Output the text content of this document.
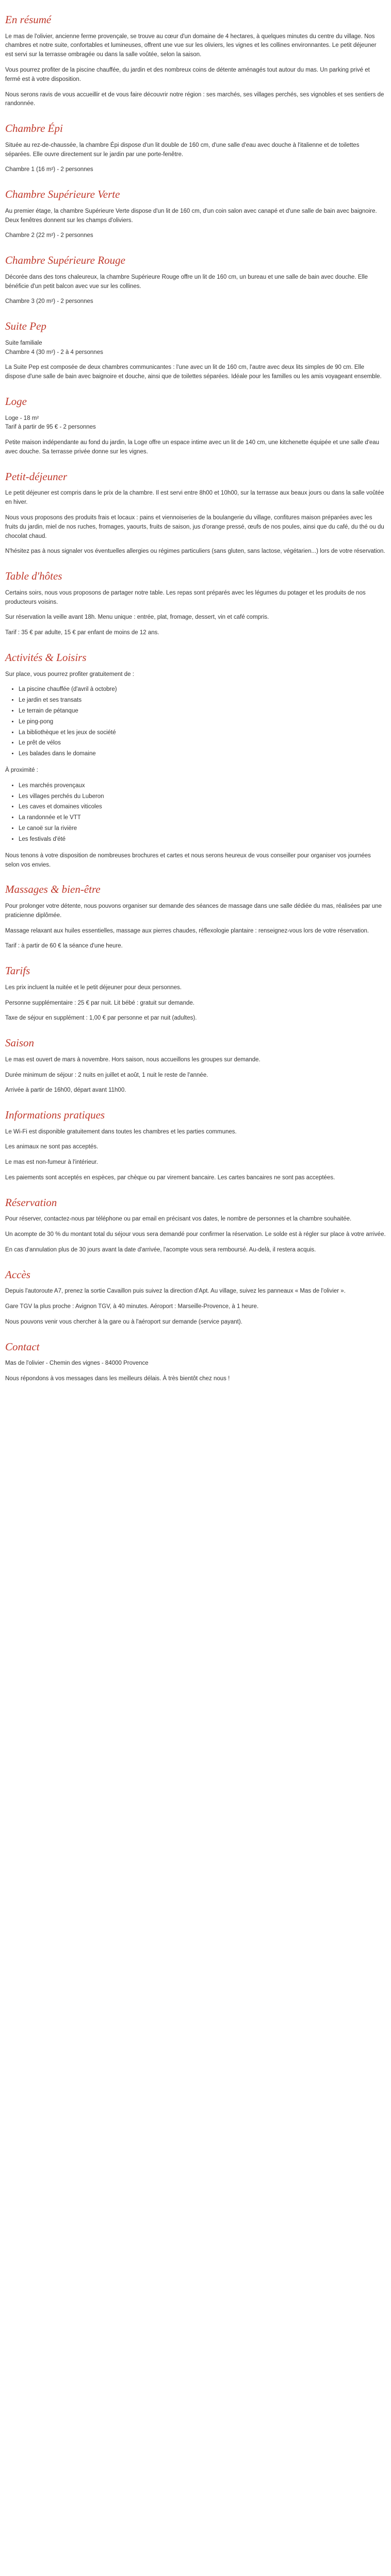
En résumé

Le mas de l'olivier, ancienne ferme provençale, se trouve au cœur d'un domaine de 4 hectares, à quelques minutes du centre du village. Nos chambres et notre suite, confortables et lumineuses, offrent une vue sur les oliviers, les vignes et les collines environnantes. Le petit déjeuner est servi sur la terrasse ombragée ou dans la salle voûtée, selon la saison.

Vous pourrez profiter de la piscine chauffée, du jardin et des nombreux coins de détente aménagés tout autour du mas. Un parking privé et fermé est à votre disposition.

Nous serons ravis de vous accueillir et de vous faire découvrir notre région : ses marchés, ses villages perchés, ses vignobles et ses sentiers de randonnée.

Chambre Épi

Située au rez-de-chaussée, la chambre Épi dispose d'un lit double de 160 cm, d'une salle d'eau avec douche à l'italienne et de toilettes séparées. Elle ouvre directement sur le jardin par une porte-fenêtre.

Chambre 1 (16 m²) - 2 personnes

Chambre Supérieure Verte

Au premier étage, la chambre Supérieure Verte dispose d'un lit de 160 cm, d'un coin salon avec canapé et d'une salle de bain avec baignoire. Deux fenêtres donnent sur les champs d'oliviers.

Chambre 2 (22 m²) - 2 personnes

Chambre Supérieure Rouge

Décorée dans des tons chaleureux, la chambre Supérieure Rouge offre un lit de 160 cm, un bureau et une salle de bain avec douche. Elle bénéficie d'un petit balcon avec vue sur les collines.

Chambre 3 (20 m²) - 2 personnes

Suite Pep

Suite familiale
Chambre 4 (30 m²) - 2 à 4 personnes

La Suite Pep est composée de deux chambres communicantes : l'une avec un lit de 160 cm, l'autre avec deux lits simples de 90 cm. Elle dispose d'une salle de bain avec baignoire et douche, ainsi que de toilettes séparées. Idéale pour les familles ou les amis voyageant ensemble.

Loge

Loge - 18 m²
Tarif à partir de 95 € - 2 personnes

Petite maison indépendante au fond du jardin, la Loge offre un espace intime avec un lit de 140 cm, une kitchenette équipée et une salle d'eau avec douche. Sa terrasse privée donne sur les vignes.

Petit-déjeuner

Le petit déjeuner est compris dans le prix de la chambre. Il est servi entre 8h00 et 10h00, sur la terrasse aux beaux jours ou dans la salle voûtée en hiver.

Nous vous proposons des produits frais et locaux : pains et viennoiseries de la boulangerie du village, confitures maison préparées avec les fruits du jardin, miel de nos ruches, fromages, yaourts, fruits de saison, jus d'orange pressé, œufs de nos poules, ainsi que du café, du thé ou du chocolat chaud.

N'hésitez pas à nous signaler vos éventuelles allergies ou régimes particuliers (sans gluten, sans lactose, végétarien...) lors de votre réservation.

Table d'hôtes

Certains soirs, nous vous proposons de partager notre table. Les repas sont préparés avec les légumes du potager et les produits de nos producteurs voisins.

Sur réservation la veille avant 18h. Menu unique : entrée, plat, fromage, dessert, vin et café compris.

Tarif : 35 € par adulte, 15 € par enfant de moins de 12 ans.

Activités & Loisirs

Sur place, vous pourrez profiter gratuitement de :

• La piscine chauffée (d'avril à octobre)
• Le jardin et ses transats
• Le terrain de pétanque
• Le ping-pong
• La bibliothèque et les jeux de société
• Le prêt de vélos
• Les balades dans le domaine

À proximité :

• Les marchés provençaux
• Les villages perchés du Luberon
• Les caves et domaines viticoles
• La randonnée et le VTT
• Le canoë sur la rivière
• Les festivals d'été

Nous tenons à votre disposition de nombreuses brochures et cartes et nous serons heureux de vous conseiller pour organiser vos journées selon vos envies.

Massages & bien-être

Pour prolonger votre détente, nous pouvons organiser sur demande des séances de massage dans une salle dédiée du mas, réalisées par une praticienne diplômée.

Massage relaxant aux huiles essentielles, massage aux pierres chaudes, réflexologie plantaire : renseignez-vous lors de votre réservation.

Tarif : à partir de 60 € la séance d'une heure.

Tarifs

Les prix incluent la nuitée et le petit déjeuner pour deux personnes.

Personne supplémentaire : 25 € par nuit. Lit bébé : gratuit sur demande.

Taxe de séjour en supplément : 1,00 € par personne et par nuit (adultes).

Saison

Le mas est ouvert de mars à novembre. Hors saison, nous accueillons les groupes sur demande.

Durée minimum de séjour : 2 nuits en juillet et août, 1 nuit le reste de l'année.

Arrivée à partir de 16h00, départ avant 11h00.

Informations pratiques

Le Wi-Fi est disponible gratuitement dans toutes les chambres et les parties communes.

Les animaux ne sont pas acceptés.

Le mas est non-fumeur à l'intérieur.

Les paiements sont acceptés en espèces, par chèque ou par virement bancaire. Les cartes bancaires ne sont pas acceptées.

Réservation

Pour réserver, contactez-nous par téléphone ou par email en précisant vos dates, le nombre de personnes et la chambre souhaitée.

Un acompte de 30 % du montant total du séjour vous sera demandé pour confirmer la réservation. Le solde est à régler sur place à votre arrivée.

En cas d'annulation plus de 30 jours avant la date d'arrivée, l'acompte vous sera remboursé. Au-delà, il restera acquis.

Accès

Depuis l'autoroute A7, prenez la sortie Cavaillon puis suivez la direction d'Apt. Au village, suivez les panneaux « Mas de l'olivier ».

Gare TGV la plus proche : Avignon TGV, à 40 minutes. Aéroport : Marseille-Provence, à 1 heure.

Nous pouvons venir vous chercher à la gare ou à l'aéroport sur demande (service payant).

Contact

Mas de l'olivier - Chemin des vignes - 84000 Provence

Nous répondons à vos messages dans les meilleurs délais. À très bientôt chez nous !
